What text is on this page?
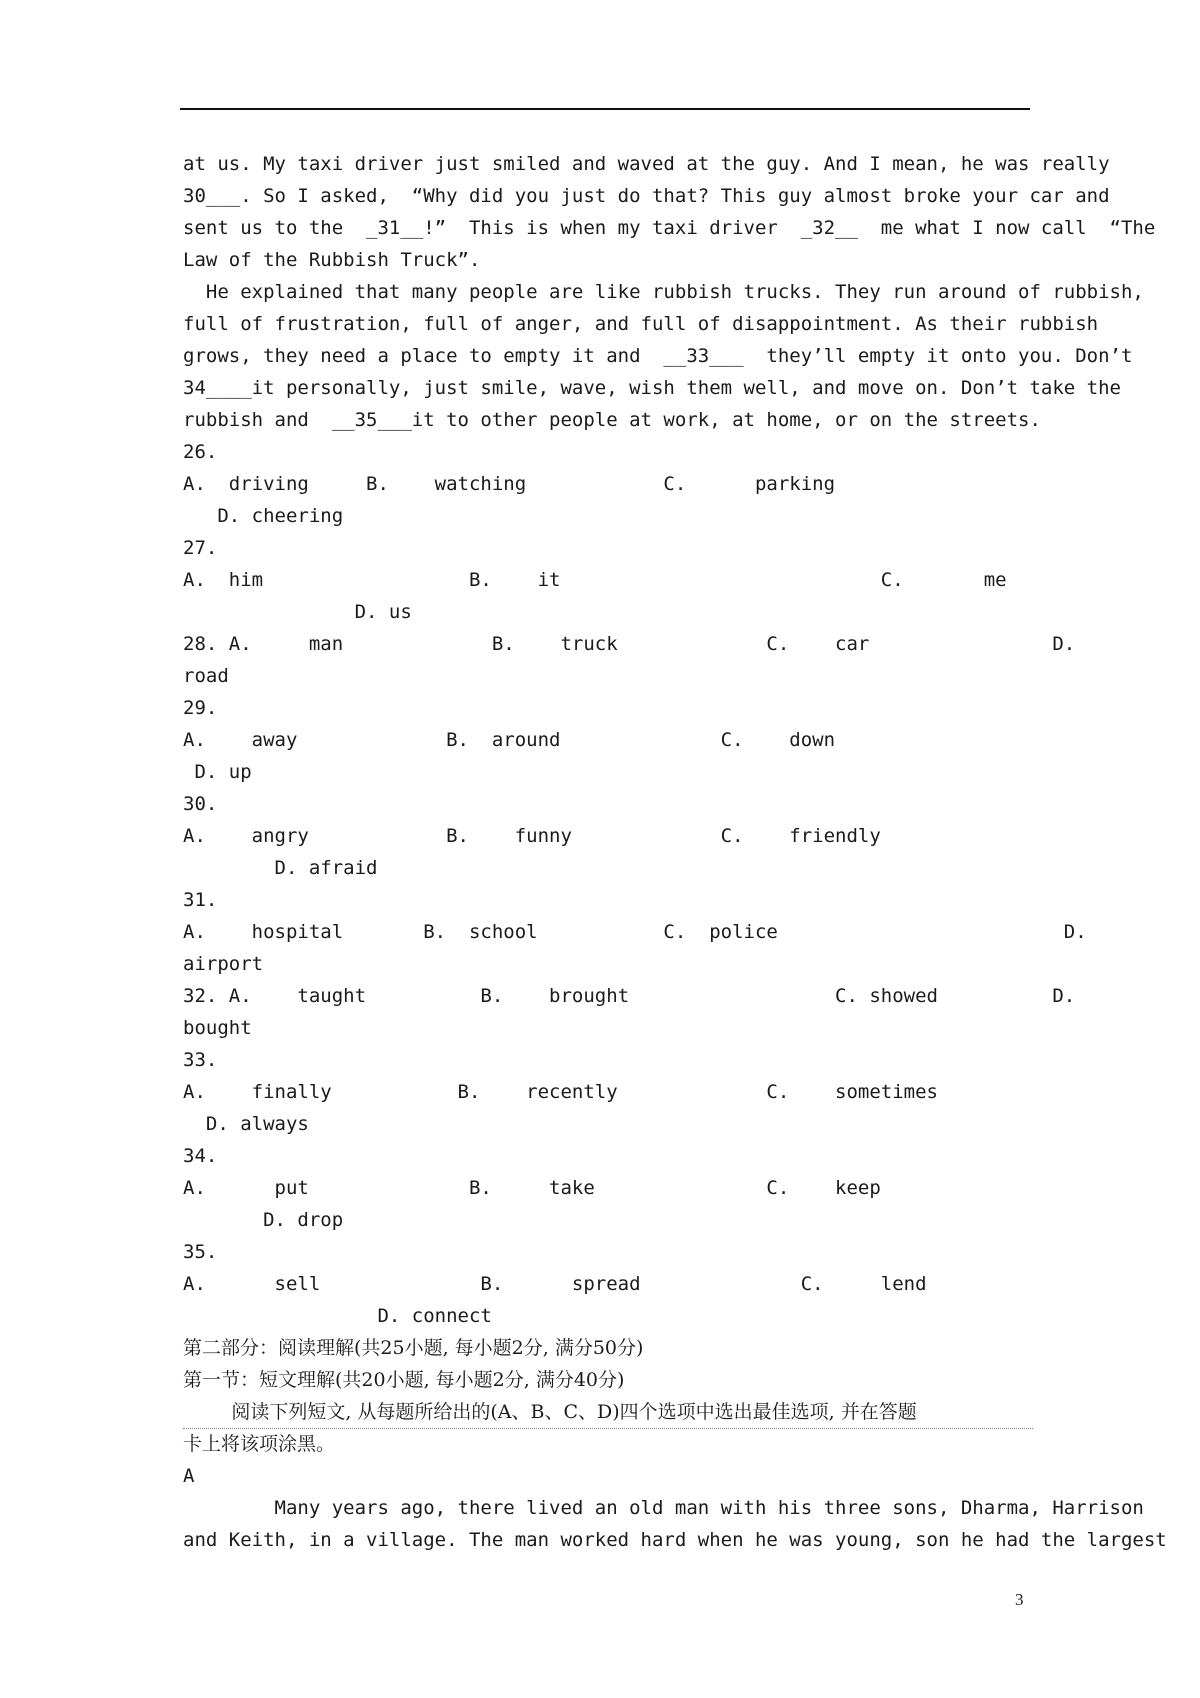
at us. My taxi driver just smiled and waved at the guy. And I mean, he was really
30___. So I asked,  “Why did you just do that? This guy almost broke your car and
sent us to the  _31__!”  This is when my taxi driver  _32__  me what I now call  “The
Law of the Rubbish Truck”.
He explained that many people are like rubbish trucks. They run around of rubbish,
full of frustration, full of anger, and full of disappointment. As their rubbish
grows, they need a place to empty it and  __33___  they’ll empty it onto you. Don’t
34____it personally, just smile, wave, wish them well, and move on. Don’t take the
rubbish and  __35___it to other people at work, at home, or on the streets.
26.
A.  driving     B.    watching            C.      parking
D. cheering
27.
A.  him                  B.    it                            C.       me
D. us
28. A.     man             B.    truck             C.    car                D.
road
29.
A.    away             B.  around              C.    down
D. up
30.
A.    angry            B.    funny             C.    friendly
D. afraid
31.
A.    hospital       B.  school           C.  police                         D.
airport
32. A.    taught          B.    brought                  C. showed          D.
bought
33.
A.    finally           B.    recently             C.    sometimes
D. always
34.
A.      put              B.     take               C.    keep
D. drop
35.
A.      sell              B.      spread              C.     lend
D. connect
第二部分：阅读理解(共25小题, 每小题2分, 满分50分)
第一节：短文理解(共20小题, 每小题2分, 满分40分)
阅读下列短文, 从每题所给出的(A、B、C、D)四个选项中选出最佳选项, 并在答题
卡上将该项涂黑。
A
Many years ago, there lived an old man with his three sons, Dharma, Harrison
and Keith, in a village. The man worked hard when he was young, son he had the largest
3
